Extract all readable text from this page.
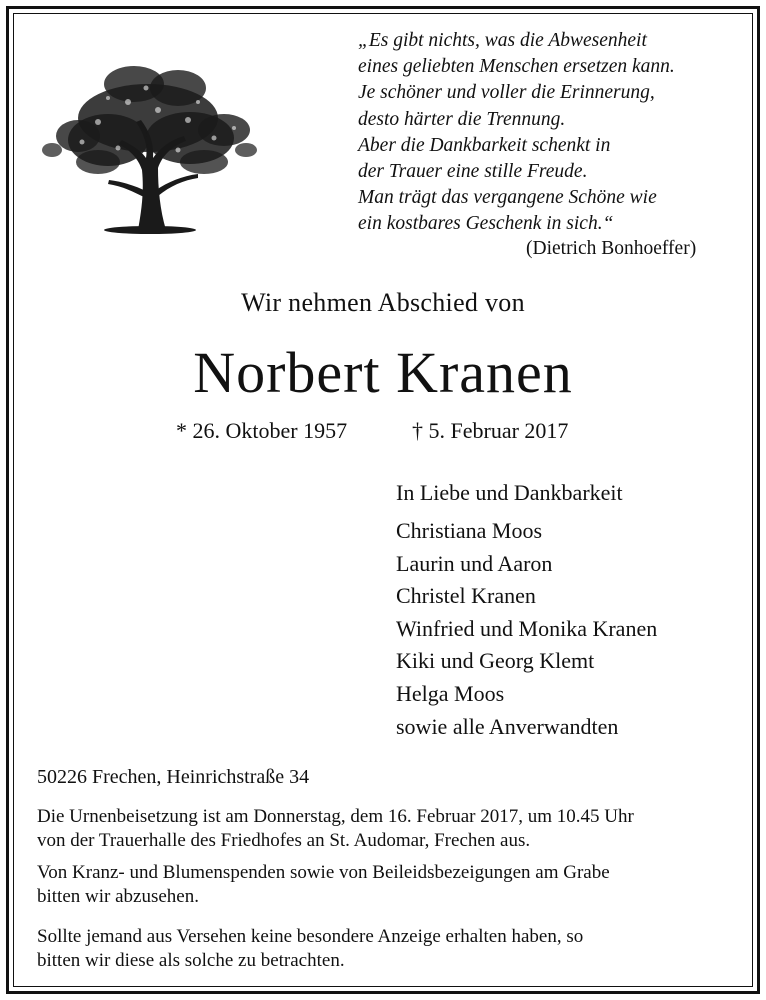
„Es gibt nichts, was die Abwesenheit
eines geliebten Menschen ersetzen kann.
Je schöner und voller die Erinnerung,
desto härter die Trennung.
Aber die Dankbarkeit schenkt in
der Trauer eine stille Freude.
Man trägt das vergangene Schöne wie
ein kostbares Geschenk in sich.“
(Dietrich Bonhoeffer)
Wir nehmen Abschied von
Norbert Kranen
* 26. Oktober 1957	† 5. Februar 2017
In Liebe und Dankbarkeit
Christiana Moos
Laurin und Aaron
Christel Kranen
Winfried und Monika Kranen
Kiki und Georg Klemt
Helga Moos
sowie alle Anverwandten
50226 Frechen, Heinrichstraße 34
Die Urnenbeisetzung ist am Donnerstag, dem 16. Februar 2017, um 10.45 Uhr
von der Trauerhalle des Friedhofes an St. Audomar, Frechen aus.
Von Kranz- und Blumenspenden sowie von Beileidsbezeigungen am Grabe
bitten wir abzusehen.
Sollte jemand aus Versehen keine besondere Anzeige erhalten haben, so
bitten wir diese als solche zu betrachten.
